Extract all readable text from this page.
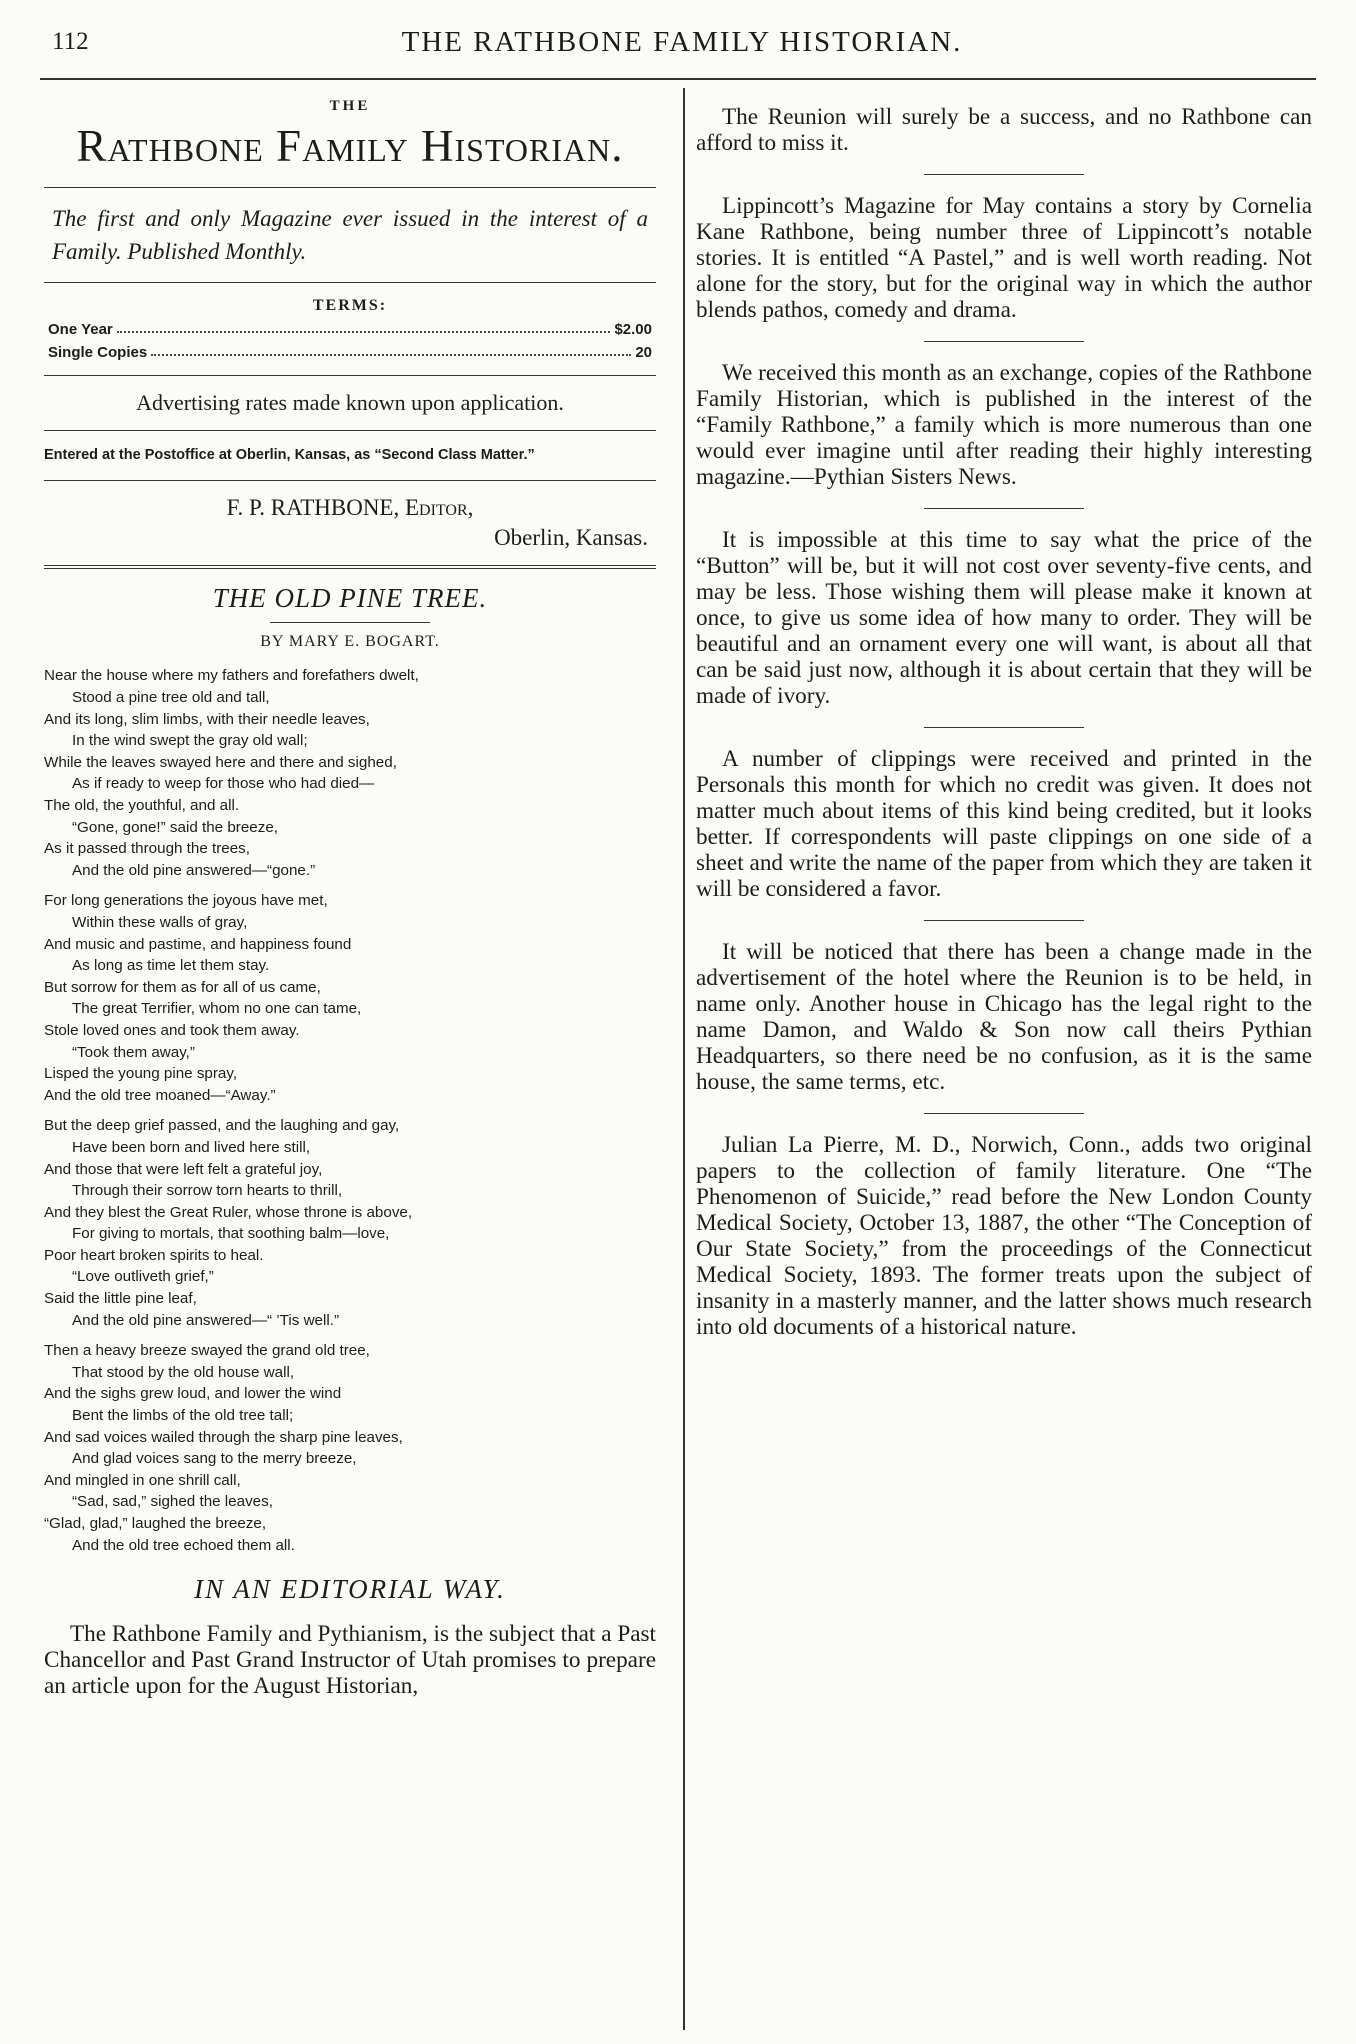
112	THE RATHBONE FAMILY HISTORIAN.
THE
Rathbone Family Historian.
The first and only Magazine ever issued in the interest of a Family. Published Monthly.
TERMS:
One Year	$2.00
Single Copies	20
Advertising rates made known upon application.
Entered at the Postoffice at Oberlin, Kansas, as “Second Class Matter.”
F. P. RATHBONE, Editor,
Oberlin, Kansas.
THE OLD PINE TREE.
BY MARY E. BOGART.
Near the house where my fathers and forefathers dwelt,
Stood a pine tree old and tall,
And its long, slim limbs, with their needle leaves,
In the wind swept the gray old wall;
While the leaves swayed here and there and sighed,
As if ready to weep for those who had died—
The old, the youthful, and all.
“Gone, gone!” said the breeze,
As it passed through the trees,
And the old pine answered—“gone.”
For long generations the joyous have met,
Within these walls of gray,
And music and pastime, and happiness found
As long as time let them stay.
But sorrow for them as for all of us came,
The great Terrifier, whom no one can tame,
Stole loved ones and took them away.
“Took them away,”
Lisped the young pine spray,
And the old tree moaned—“Away.”
But the deep grief passed, and the laughing and gay,
Have been born and lived here still,
And those that were left felt a grateful joy,
Through their sorrow torn hearts to thrill,
And they blest the Great Ruler, whose throne is above,
For giving to mortals, that soothing balm—love,
Poor heart broken spirits to heal.
“Love outliveth grief,”
Said the little pine leaf,
And the old pine answered—“ ’Tis well.”
Then a heavy breeze swayed the grand old tree,
That stood by the old house wall,
And the sighs grew loud, and lower the wind
Bent the limbs of the old tree tall;
And sad voices wailed through the sharp pine leaves,
And glad voices sang to the merry breeze,
And mingled in one shrill call,
“Sad, sad,” sighed the leaves,
“Glad, glad,” laughed the breeze,
And the old tree echoed them all.
IN AN EDITORIAL WAY.

The Rathbone Family and Pythianism, is the subject that a Past Chancellor and Past Grand Instructor of Utah promises to prepare an article upon for the August Historian,

The Reunion will surely be a success, and no Rathbone can afford to miss it.

Lippincott’s Magazine for May contains a story by Cornelia Kane Rathbone, being number three of Lippincott’s notable stories. It is entitled “A Pastel,” and is well worth reading. Not alone for the story, but for the original way in which the author blends pathos, comedy and drama.

We received this month as an exchange, copies of the Rathbone Family Historian, which is published in the interest of the “Family Rathbone,” a family which is more numerous than one would ever imagine until after reading their highly interesting magazine.—Pythian Sisters News.

It is impossible at this time to say what the price of the “Button” will be, but it will not cost over seventy-five cents, and may be less. Those wishing them will please make it known at once, to give us some idea of how many to order. They will be beautiful and an ornament every one will want, is about all that can be said just now, although it is about certain that they will be made of ivory.

A number of clippings were received and printed in the Personals this month for which no credit was given. It does not matter much about items of this kind being credited, but it looks better. If correspondents will paste clippings on one side of a sheet and write the name of the paper from which they are taken it will be considered a favor.

It will be noticed that there has been a change made in the advertisement of the hotel where the Reunion is to be held, in name only. Another house in Chicago has the legal right to the name Damon, and Waldo & Son now call theirs Pythian Headquarters, so there need be no confusion, as it is the same house, the same terms, etc.

Julian La Pierre, M. D., Norwich, Conn., adds two original papers to the collection of family literature. One “The Phenomenon of Suicide,” read before the New London County Medical Society, October 13, 1887, the other “The Conception of Our State Society,” from the proceedings of the Connecticut Medical Society, 1893. The former treats upon the subject of insanity in a masterly manner, and the latter shows much research into old documents of a historical nature.
